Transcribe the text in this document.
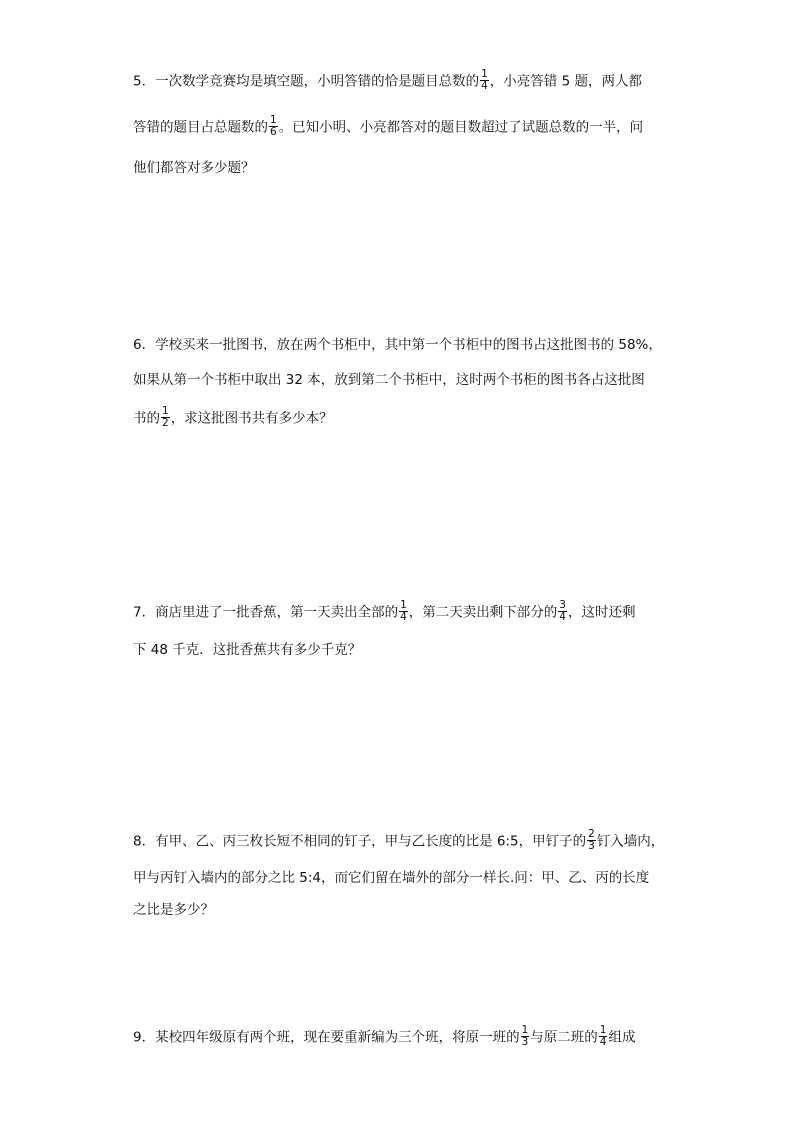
5．一次数学竞赛均是填空题，小明答错的恰是题目总数的 $\frac{1}{4}$ ，小亮答错 5 题，两人都
答错的题目占总题数的 $\frac{1}{6}$ 。已知小明、小亮都答对的题目数超过了试题总数的一半，问
他们都答对多少题？
6．学校买来一批图书，放在两个书柜中，其中第一个书柜中的图书占这批图书的 58%，
如果从第一个书柜中取出 32 本，放到第二个书柜中，这时两个书柜的图书各占这批图
书的 $\frac{1}{2}$ ，求这批图书共有多少本？
7．商店里进了一批香蕉，第一天卖出全部的 $\frac{1}{4}$ ，第二天卖出剩下部分的 $\frac{3}{4}$ ，这时还剩
下 48 千克．这批香蕉共有多少千克？
8．有甲、乙、丙三枚长短不相同的钉子，甲与乙长度的比是 6:5，甲钉子的 $\frac{2}{3}$ 钉入墙内，
甲与丙钉入墙内的部分之比 5:4，而它们留在墙外的部分一样长.问：甲、乙、丙的长度
之比是多少？
9．某校四年级原有两个班，现在要重新编为三个班，将原一班的 $\frac{1}{3}$ 与原二班的 $\frac{1}{4}$ 组成
